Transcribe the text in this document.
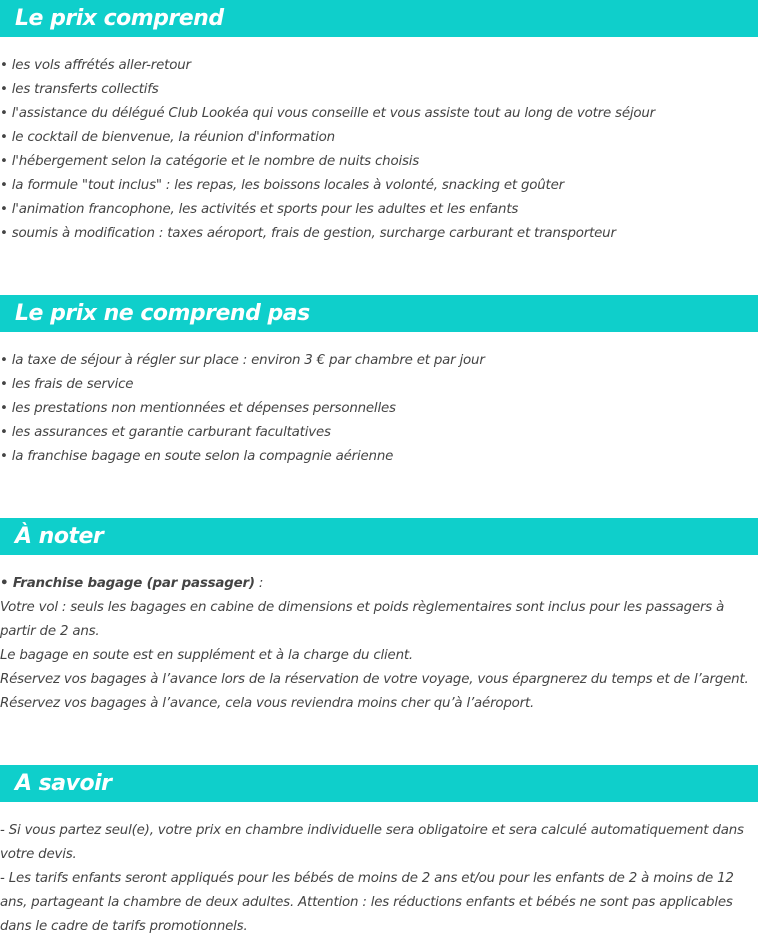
Le prix comprend
• les vols affrétés aller-retour
• les transferts collectifs
• l'assistance du délégué Club Lookéa qui vous conseille et vous assiste tout au long de votre séjour
• le cocktail de bienvenue, la réunion d'information
• l'hébergement selon la catégorie et le nombre de nuits choisis
• la formule "tout inclus" : les repas, les boissons locales à volonté, snacking et goûter
• l'animation francophone, les activités et sports pour les adultes et les enfants
• soumis à modification : taxes aéroport, frais de gestion, surcharge carburant et transporteur
Le prix ne comprend pas
• la taxe de séjour à régler sur place : environ 3 € par chambre et par jour
• les frais de service
• les prestations non mentionnées et dépenses personnelles
• les assurances et garantie carburant facultatives
• la franchise bagage en soute selon la compagnie aérienne
À noter

• Franchise bagage (par passager) :

Votre vol : seuls les bagages en cabine de dimensions et poids règlementaires sont inclus pour les passagers à partir de 2 ans.

Le bagage en soute est en supplément et à la charge du client.

Réservez vos bagages à l’avance lors de la réservation de votre voyage, vous épargnerez du temps et de l’argent.

Réservez vos bagages à l’avance, cela vous reviendra moins cher qu’à l’aéroport.

A savoir

- Si vous partez seul(e), votre prix en chambre individuelle sera obligatoire et sera calculé automatiquement dans votre devis.

- Les tarifs enfants seront appliqués pour les bébés de moins de 2 ans et/ou pour les enfants de 2 à moins de 12 ans, partageant la chambre de deux adultes. Attention : les réductions enfants et bébés ne sont pas applicables dans le cadre de tarifs promotionnels.
